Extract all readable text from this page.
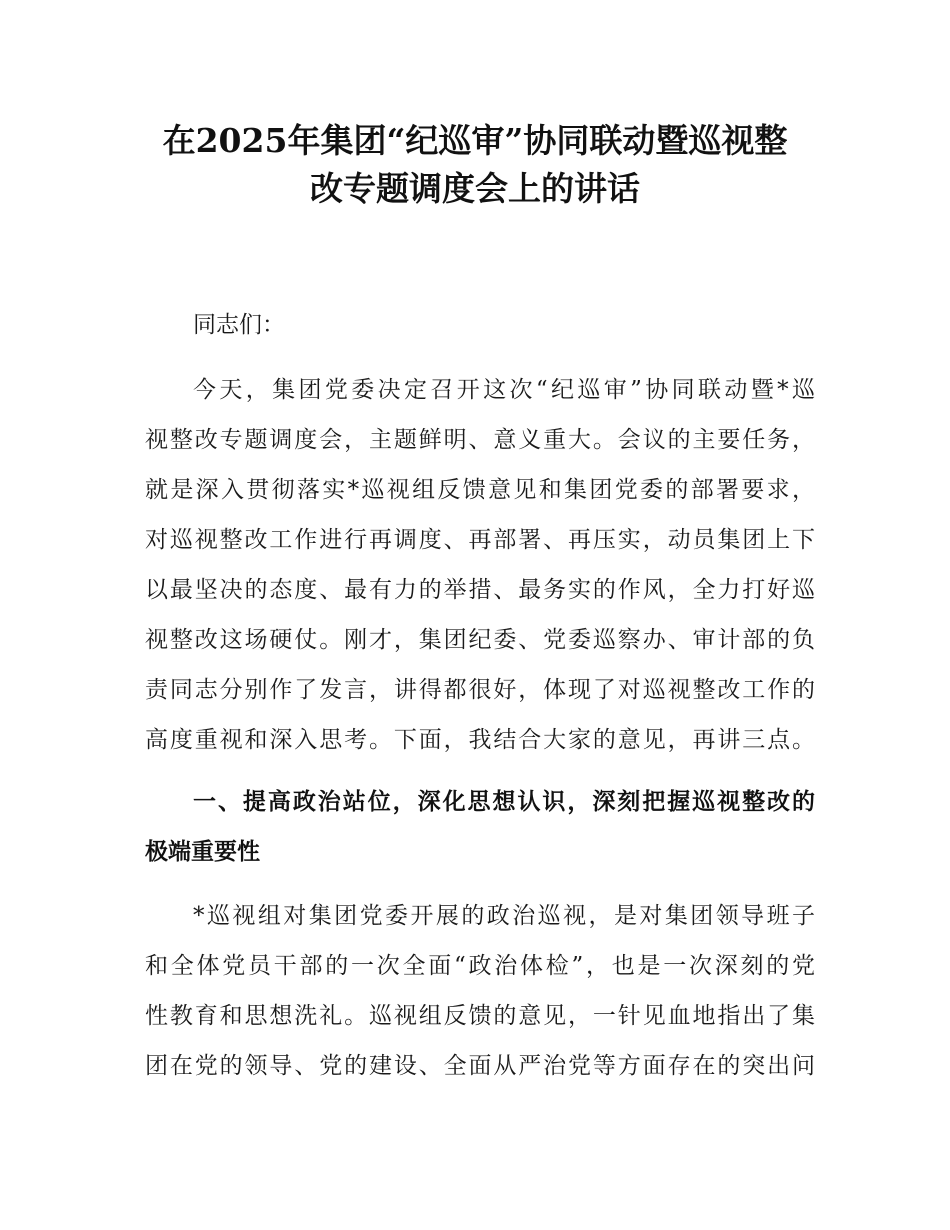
在2025年集团“纪巡审”协同联动暨巡视整
改专题调度会上的讲话

同志们：

今天，集团党委决定召开这次“纪巡审”协同联动暨*巡

视整改专题调度会，主题鲜明、意义重大。会议的主要任务，

就是深入贯彻落实*巡视组反馈意见和集团党委的部署要求，

对巡视整改工作进行再调度、再部署、再压实，动员集团上下

以最坚决的态度、最有力的举措、最务实的作风，全力打好巡

视整改这场硬仗。刚才，集团纪委、党委巡察办、审计部的负

责同志分别作了发言，讲得都很好，体现了对巡视整改工作的

高度重视和深入思考。下面，我结合大家的意见，再讲三点。

一、提高政治站位，深化思想认识，深刻把握巡视整改的

极端重要性

*巡视组对集团党委开展的政治巡视，是对集团领导班子

和全体党员干部的一次全面“政治体检”，也是一次深刻的党

性教育和思想洗礼。巡视组反馈的意见，一针见血地指出了集

团在党的领导、党的建设、全面从严治党等方面存在的突出问
